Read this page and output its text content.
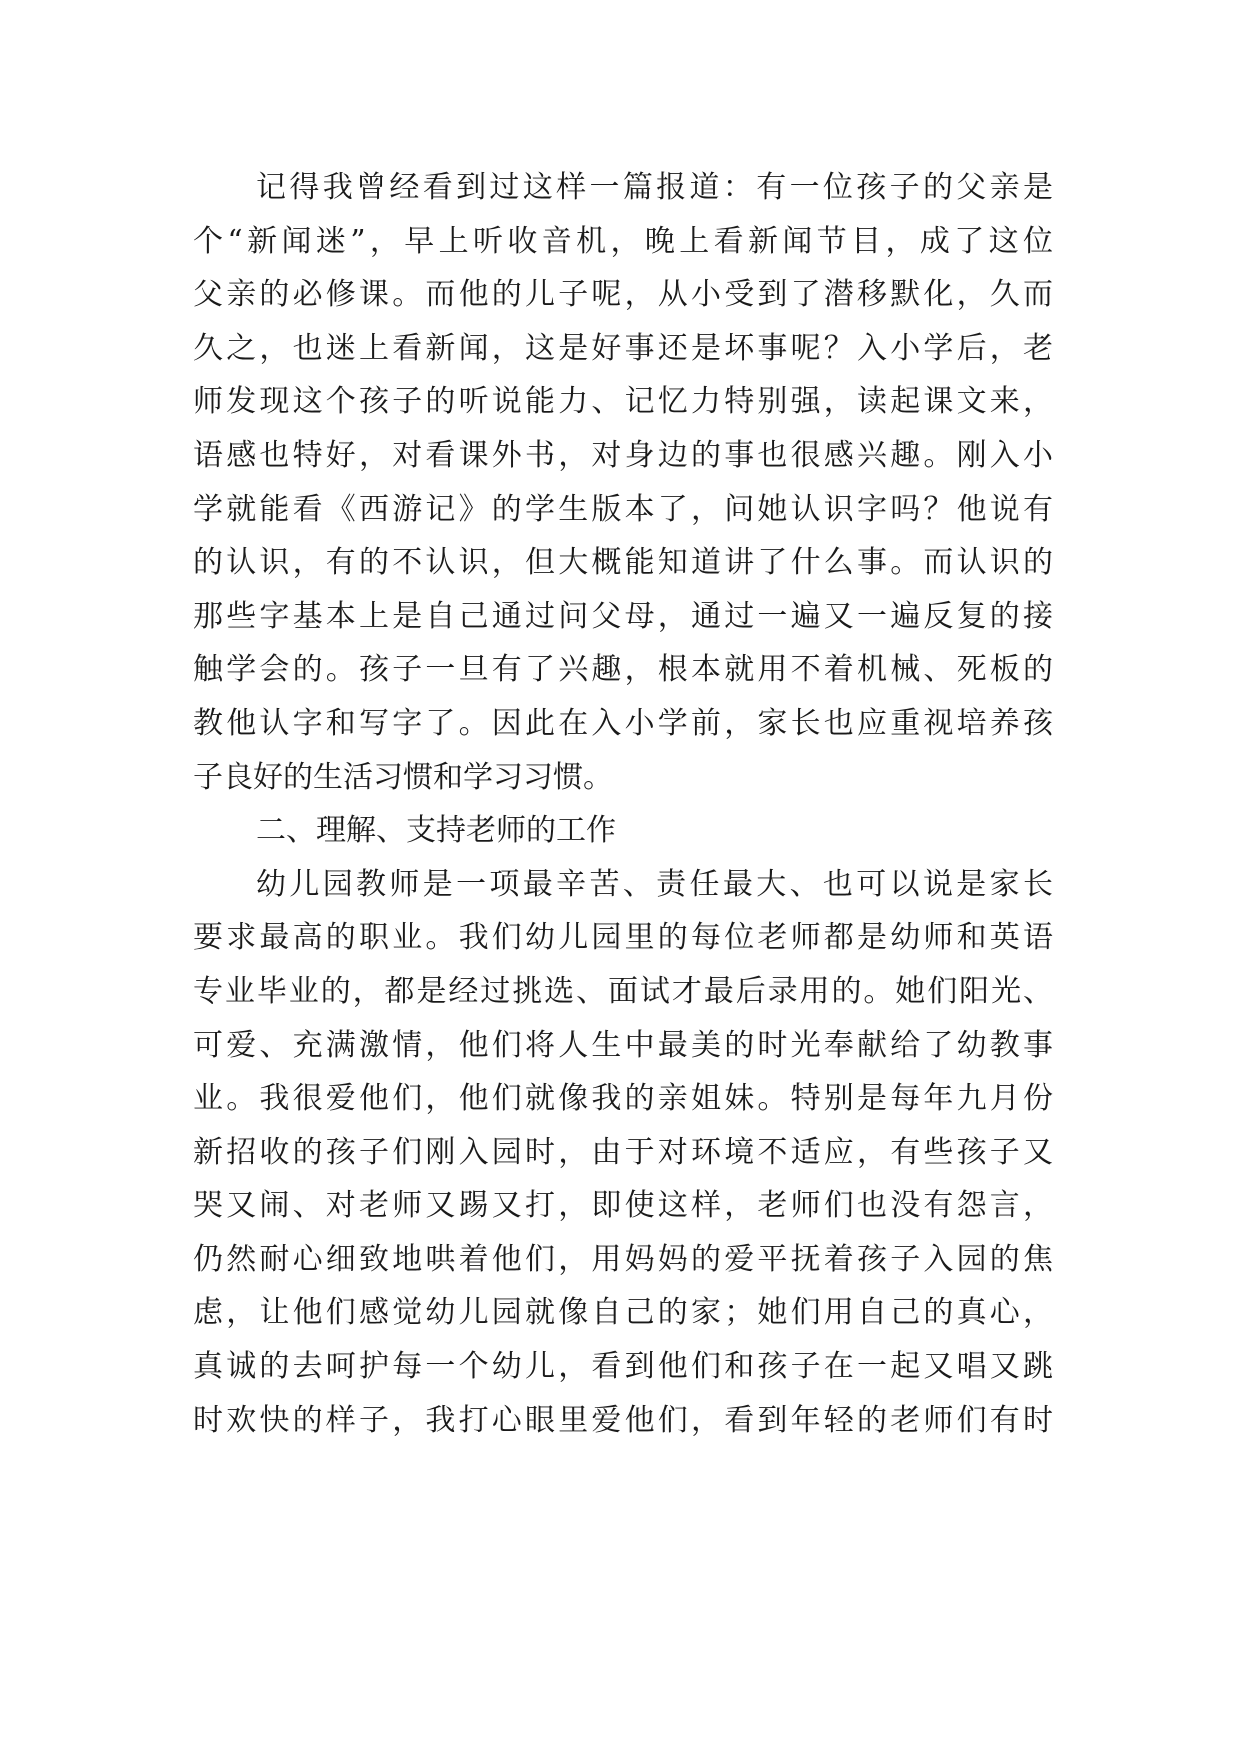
记得我曾经看到过这样一篇报道：有一位孩子的父亲是
个“新闻迷”，早上听收音机，晚上看新闻节目，成了这位
父亲的必修课。而他的儿子呢，从小受到了潜移默化，久而
久之，也迷上看新闻，这是好事还是坏事呢？入小学后，老
师发现这个孩子的听说能力、记忆力特别强，读起课文来，
语感也特好，对看课外书，对身边的事也很感兴趣。刚入小
学就能看《西游记》的学生版本了，问她认识字吗？他说有
的认识，有的不认识，但大概能知道讲了什么事。而认识的
那些字基本上是自己通过问父母，通过一遍又一遍反复的接
触学会的。孩子一旦有了兴趣，根本就用不着机械、死板的
教他认字和写字了。因此在入小学前，家长也应重视培养孩
子良好的生活习惯和学习习惯。
二、理解、支持老师的工作
幼儿园教师是一项最辛苦、责任最大、也可以说是家长
要求最高的职业。我们幼儿园里的每位老师都是幼师和英语
专业毕业的，都是经过挑选、面试才最后录用的。她们阳光、
可爱、充满激情，他们将人生中最美的时光奉献给了幼教事
业。我很爱他们，他们就像我的亲姐妹。特别是每年九月份
新招收的孩子们刚入园时，由于对环境不适应，有些孩子又
哭又闹、对老师又踢又打，即使这样，老师们也没有怨言，
仍然耐心细致地哄着他们，用妈妈的爱平抚着孩子入园的焦
虑，让他们感觉幼儿园就像自己的家；她们用自己的真心，
真诚的去呵护每一个幼儿，看到他们和孩子在一起又唱又跳
时欢快的样子，我打心眼里爱他们，看到年轻的老师们有时
